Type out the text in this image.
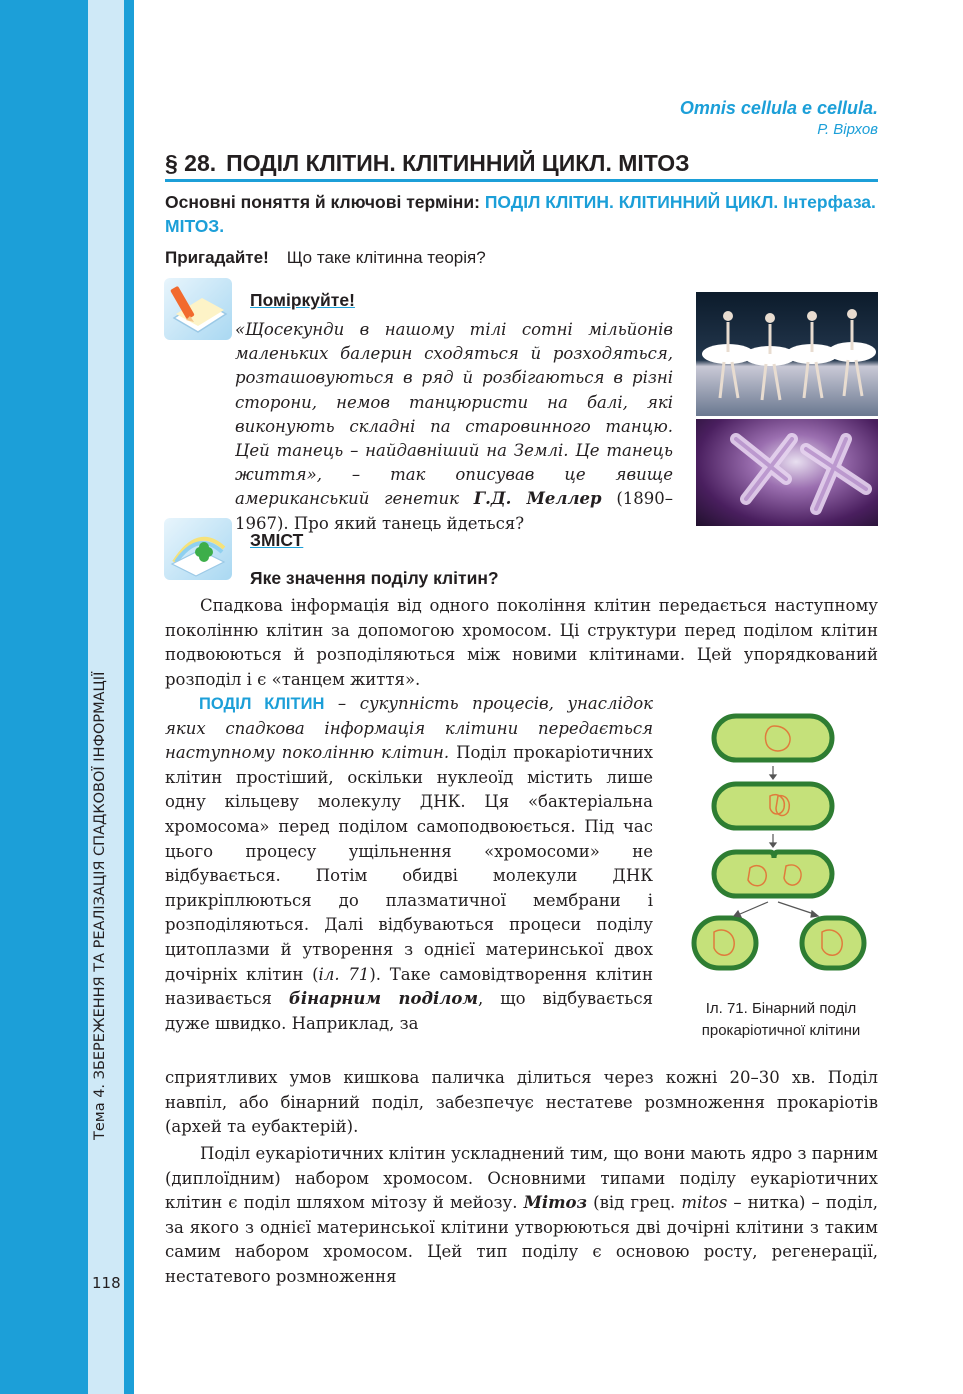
Тема 4. ЗБЕРЕЖЕННЯ ТА РЕАЛІЗАЦІЯ СПАДКОВОЇ ІНФОРМАЦІЇ
118
Omnis cellula e cellula.
Р. Вірхов
§ 28. ПОДІЛ КЛІТИН. КЛІТИННИЙ ЦИКЛ. МІТОЗ
Основні поняття й ключові терміни: ПОДІЛ КЛІТИН. КЛІТИННИЙ ЦИКЛ. Інтерфаза. МІТОЗ.
Пригадайте! Що таке клітинна теорія?
Поміркуйте!
«Щосекунди в нашому тілі сотні мільйонів маленьких балерин сходяться й розходяться, розташовуються в ряд й розбігаються в різні сторони, немов танцюристи на балі, які виконують складні па старовинного танцю. Цей танець – найдавніший на Землі. Це танець життя», – так описував це явище американський генетик Г.Д. Меллер (1890–1967). Про який танець йдеться?
ЗМІСТ
Яке значення поділу клітин?
Спадкова інформація від одного покоління клітин передається наступному поколінню клітин за допомогою хромосом. Ці структури перед поділом клітин подвоюються й розподіляються між новими клітинами. Цей упорядкований розподіл і є «танцем життя».
ПОДІЛ КЛІТИН – сукупність процесів, унаслідок яких спадкова інформація клітини передається наступному поколінню клітин. Поділ прокаріотичних клітин простіший, оскільки нуклеоїд містить лише одну кільцеву молекулу ДНК. Ця «бактеріальна хромосома» перед поділом самоподвоюється. Під час цього процесу ущільнення «хромосоми» не відбувається. Потім обидві молекули ДНК прикріплюються до плазматичної мембрани і розподіляються. Далі відбуваються процеси поділу цитоплазми й утворення з однієї материнської двох дочірніх клітин (іл. 71). Таке самовідтворення клітин називається бінарним поділом, що відбувається дуже швидко. Наприклад, за
сприятливих умов кишкова паличка ділиться через кожні 20–30 хв. Поділ навпіл, або бінарний поділ, забезпечує нестатеве розмноження прокаріотів (архей та еубактерій).
Поділ еукаріотичних клітин ускладнений тим, що вони мають ядро з парним (диплоїдним) набором хромосом. Основними типами поділу еукаріотичних клітин є поділ шляхом мітозу й мейозу. Мітоз (від грец. mitos – нитка) – поділ, за якого з однієї материнської клітини утворюються дві дочірні клітини з таким самим набором хромосом. Цей тип поділу є основою росту, регенерації, нестатевого розмноження
Іл. 71. Бінарний поділ прокаріотичної клітини
